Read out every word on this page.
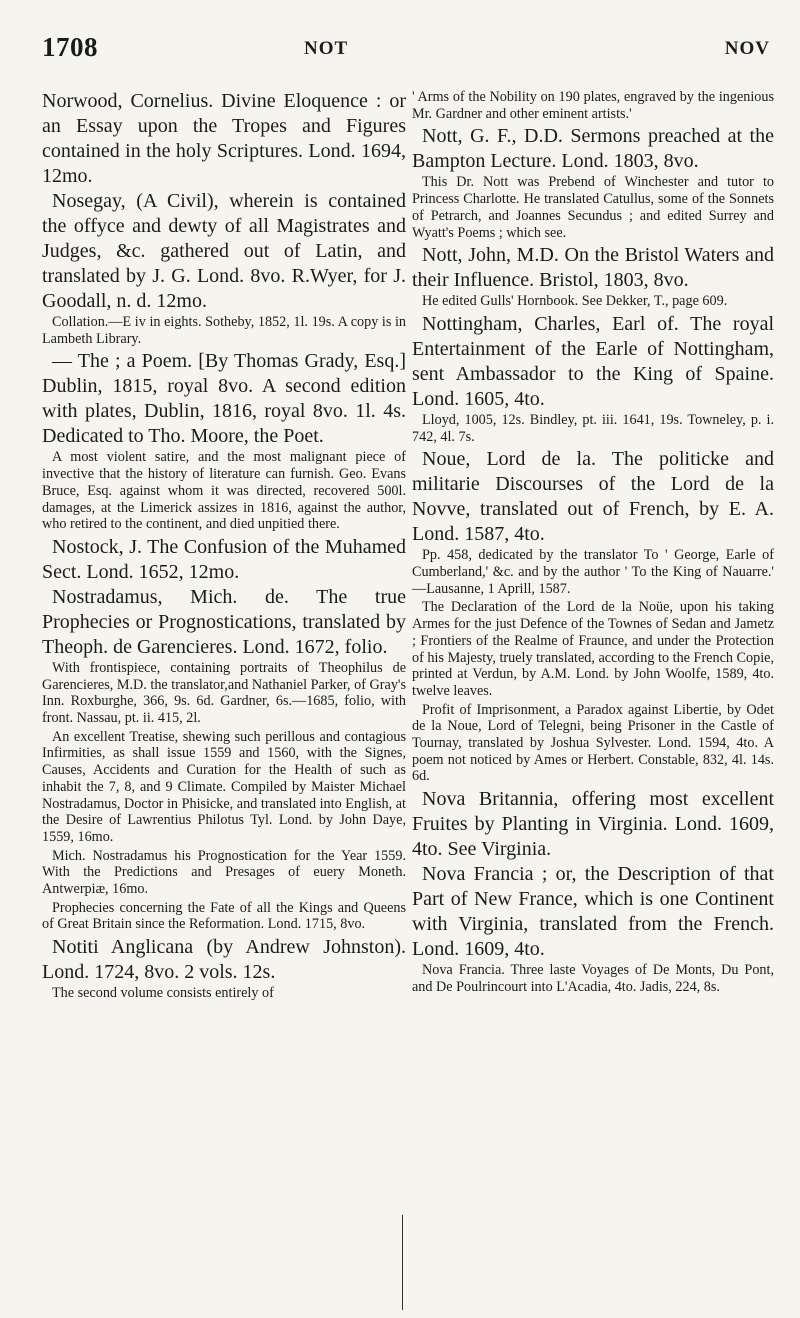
1708	NOT	NOV

Norwood, Cornelius. Divine Eloquence : or an Essay upon the Tropes and Figures contained in the holy Scriptures. Lond. 1694, 12mo.

Nosegay, (A Civil), wherein is contained the offyce and dewty of all Magistrates and Judges, &c. gathered out of Latin, and translated by J. G. Lond. 8vo. R.Wyer, for J. Goodall, n. d. 12mo.

Collation.—E iv in eights. Sotheby, 1852, 1l. 19s. A copy is in Lambeth Library.

— The ; a Poem. [By Thomas Grady, Esq.] Dublin, 1815, royal 8vo. A second edition with plates, Dublin, 1816, royal 8vo. 1l. 4s. Dedicated to Tho. Moore, the Poet.

A most violent satire, and the most malignant piece of invective that the history of literature can furnish. Geo. Evans Bruce, Esq. against whom it was directed, recovered 500l. damages, at the Limerick assizes in 1816, against the author, who retired to the continent, and died unpitied there.

Nostock, J. The Confusion of the Muhamed Sect. Lond. 1652, 12mo.

Nostradamus, Mich. de. The true Prophecies or Prognostications, translated by Theoph. de Garencieres. Lond. 1672, folio.

With frontispiece, containing portraits of Theophilus de Garencieres, M.D. the translator,and Nathaniel Parker, of Gray's Inn. Roxburghe, 366, 9s. 6d. Gardner, 6s.—1685, folio, with front. Nassau, pt. ii. 415, 2l.

An excellent Treatise, shewing such perillous and contagious Infirmities, as shall issue 1559 and 1560, with the Signes, Causes, Accidents and Curation for the Health of such as inhabit the 7, 8, and 9 Climate. Compiled by Maister Michael Nostradamus, Doctor in Phisicke, and translated into English, at the Desire of Lawrentius Philotus Tyl. Lond. by John Daye, 1559, 16mo.

Mich. Nostradamus his Prognostication for the Year 1559. With the Predictions and Presages of euery Moneth. Antwerpiæ, 16mo.

Prophecies concerning the Fate of all the Kings and Queens of Great Britain since the Reformation. Lond. 1715, 8vo.

Notiti Anglicana (by Andrew Johnston). Lond. 1724, 8vo. 2 vols. 12s.

The second volume consists entirely of

' Arms of the Nobility on 190 plates, engraved by the ingenious Mr. Gardner and other eminent artists.'

Nott, G. F., D.D. Sermons preached at the Bampton Lecture. Lond. 1803, 8vo.

This Dr. Nott was Prebend of Winchester and tutor to Princess Charlotte. He translated Catullus, some of the Sonnets of Petrarch, and Joannes Secundus ; and edited Surrey and Wyatt's Poems ; which see.

Nott, John, M.D. On the Bristol Waters and their Influence. Bristol, 1803, 8vo.

He edited Gulls' Hornbook. See Dekker, T., page 609.

Nottingham, Charles, Earl of. The royal Entertainment of the Earle of Nottingham, sent Ambassador to the King of Spaine. Lond. 1605, 4to.

Lloyd, 1005, 12s. Bindley, pt. iii. 1641, 19s. Towneley, p. i. 742, 4l. 7s.

Noue, Lord de la. The politicke and militarie Discourses of the Lord de la Novve, translated out of French, by E. A. Lond. 1587, 4to.

Pp. 458, dedicated by the translator To ' George, Earle of Cumberland,' &c. and by the author ' To the King of Nauarre.' —Lausanne, 1 Aprill, 1587.

The Declaration of the Lord de la Noüe, upon his taking Armes for the just Defence of the Townes of Sedan and Jametz ; Frontiers of the Realme of Fraunce, and under the Protection of his Majesty, truely translated, according to the French Copie, printed at Verdun, by A.M. Lond. by John Woolfe, 1589, 4to. twelve leaves.

Profit of Imprisonment, a Paradox against Libertie, by Odet de la Noue, Lord of Telegni, being Prisoner in the Castle of Tournay, translated by Joshua Sylvester. Lond. 1594, 4to. A poem not noticed by Ames or Herbert. Constable, 832, 4l. 14s. 6d.

Nova Britannia, offering most excellent Fruites by Planting in Virginia. Lond. 1609, 4to. See Virginia.

Nova Francia ; or, the Description of that Part of New France, which is one Continent with Virginia, translated from the French. Lond. 1609, 4to.

Nova Francia. Three laste Voyages of De Monts, Du Pont, and De Poulrincourt into L'Acadia, 4to. Jadis, 224, 8s.
